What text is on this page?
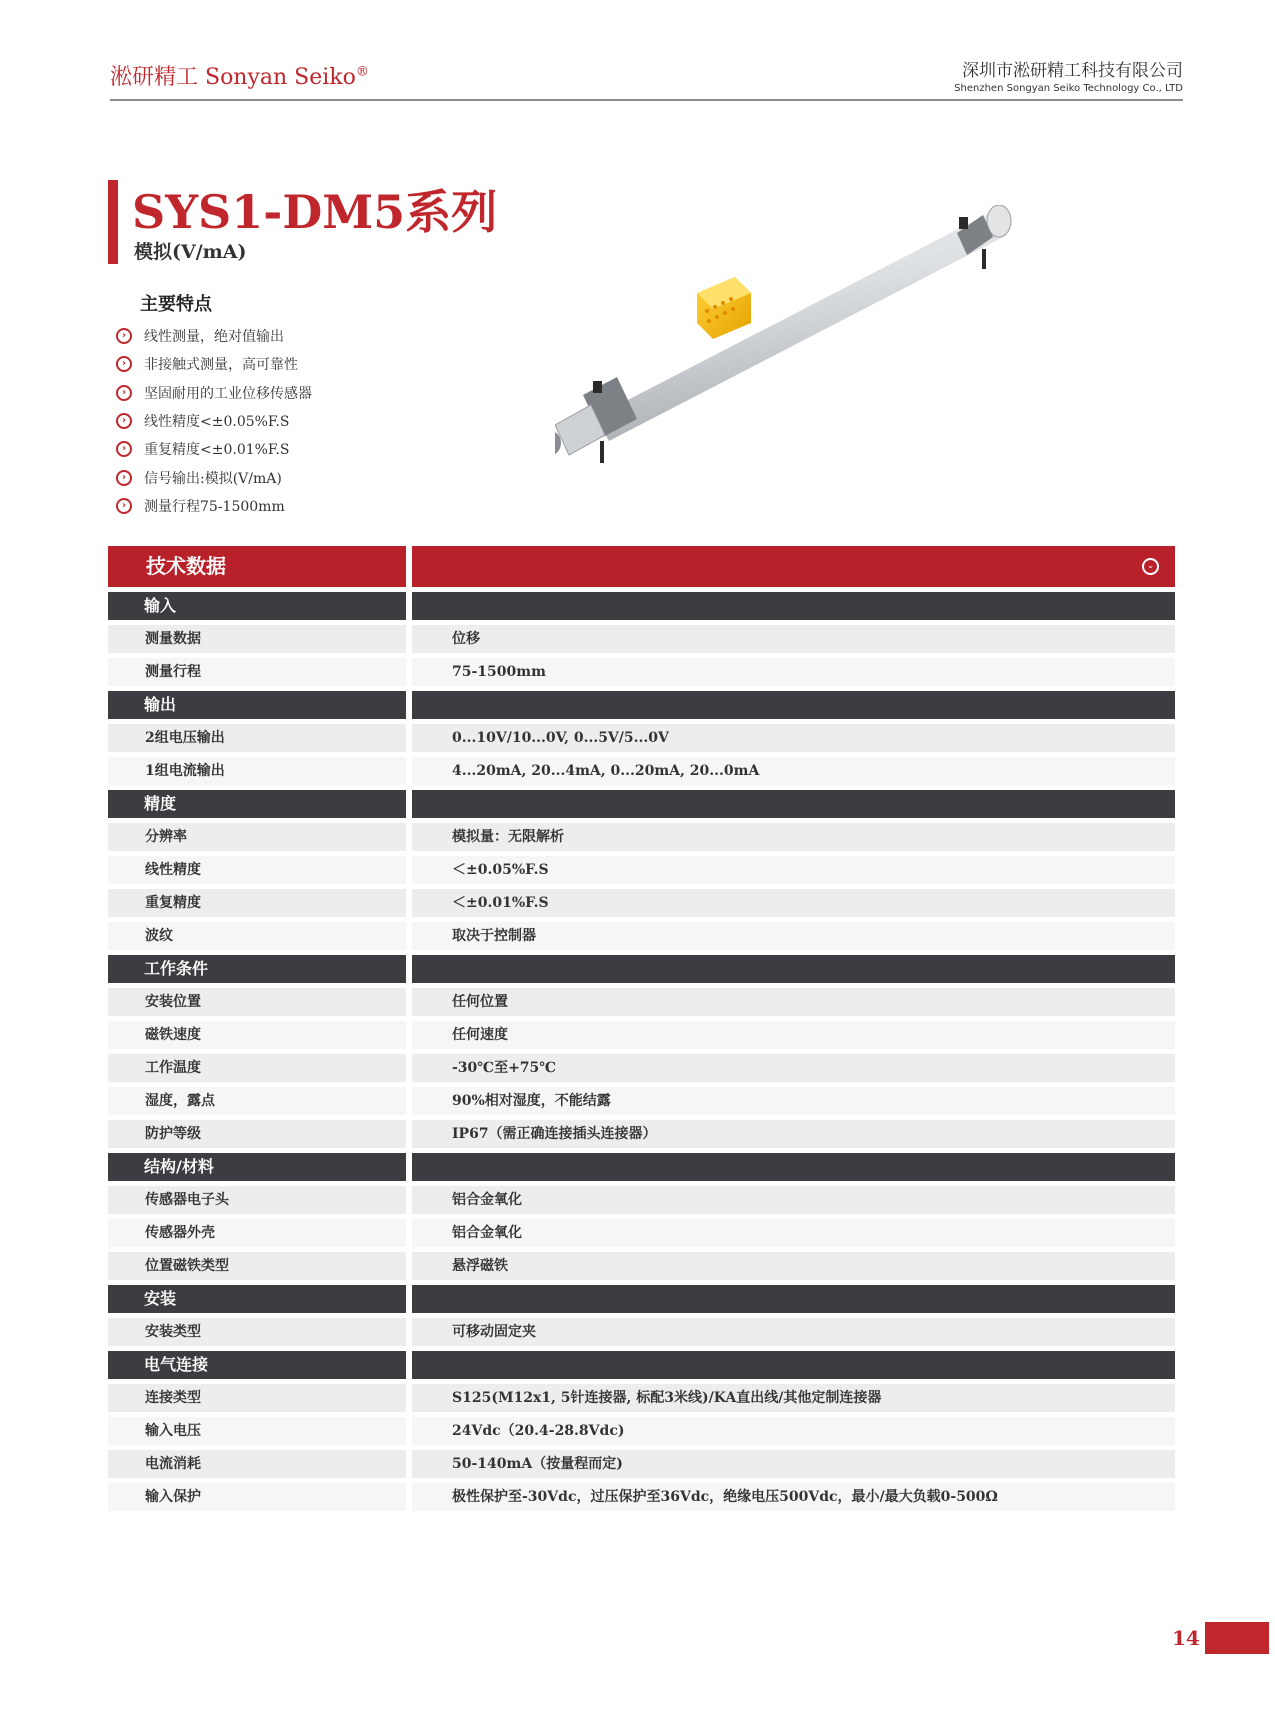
淞研精工 Sonyan Seiko®	深圳市淞研精工科技有限公司
Shenzhen Songyan Seiko Technology Co., LTD
SYS1-DM5系列
模拟(V/mA)
主要特点
›	线性测量，绝对值输出
›	非接触式测量，高可靠性
›	坚固耐用的工业位移传感器
›	线性精度<±0.05%F.S
›	重复精度<±0.01%F.S
›	信号输出:模拟(V/mA)
›	测量行程75-1500mm
技术数据	⌄
输入
测量数据	位移
测量行程	75-1500mm
输出
2组电压输出	0...10V/10...0V, 0...5V/5...0V
1组电流输出	4...20mA, 20...4mA, 0...20mA, 20...0mA
精度
分辨率	模拟量：无限解析
线性精度	＜±0.05%F.S
重复精度	＜±0.01%F.S
波纹	取决于控制器
工作条件
安装位置	任何位置
磁铁速度	任何速度
工作温度	-30℃至+75℃
湿度，露点	90%相对湿度，不能结露
防护等级	IP67（需正确连接插头连接器）
结构/材料
传感器电子头	铝合金氧化
传感器外壳	铝合金氧化
位置磁铁类型	悬浮磁铁
安装
安装类型	可移动固定夹
电气连接
连接类型	S125(M12x1, 5针连接器, 标配3米线)/KA直出线/其他定制连接器
输入电压	24Vdc（20.4-28.8Vdc)
电流消耗	50-140mA（按量程而定)
输入保护	极性保护至-30Vdc，过压保护至36Vdc，绝缘电压500Vdc，最小/最大负载0-500Ω
14
